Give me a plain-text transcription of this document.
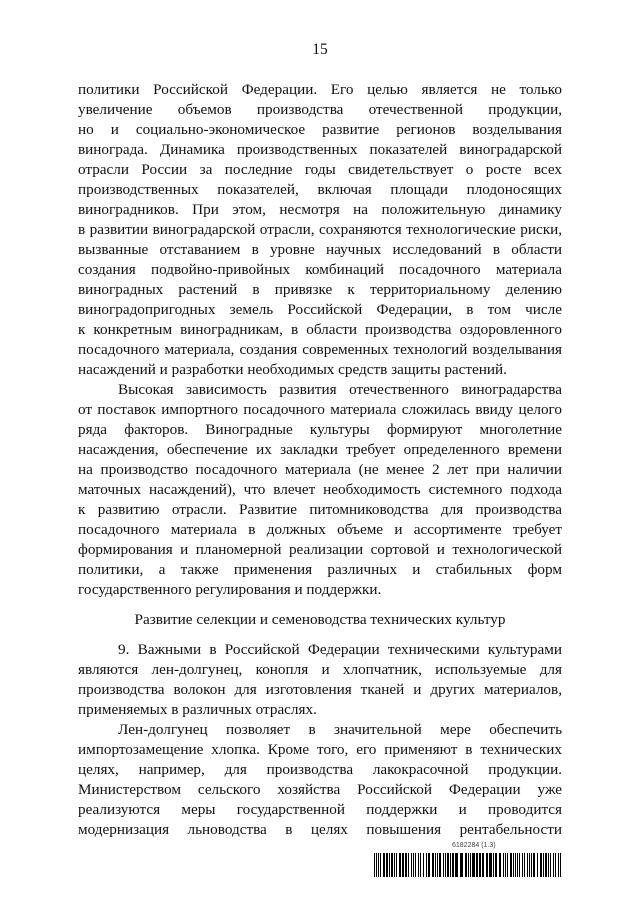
15
политики Российской Федерации. Его целью является не только
увеличение объемов производства отечественной продукции,
но и социально-экономическое развитие регионов возделывания
винограда. Динамика производственных показателей виноградарской
отрасли России за последние годы свидетельствует о росте всех
производственных показателей, включая площади плодоносящих
виноградников. При этом, несмотря на положительную динамику
в развитии виноградарской отрасли, сохраняются технологические риски,
вызванные отставанием в уровне научных исследований в области
создания подвойно-привойных комбинаций посадочного материала
виноградных растений в привязке к территориальному делению
виноградопригодных земель Российской Федерации, в том числе
к конкретным виноградникам, в области производства оздоровленного
посадочного материала, создания современных технологий возделывания
насаждений и разработки необходимых средств защиты растений.
Высокая зависимость развития отечественного виноградарства
от поставок импортного посадочного материала сложилась ввиду целого
ряда факторов. Виноградные культуры формируют многолетние
насаждения, обеспечение их закладки требует определенного времени
на производство посадочного материала (не менее 2 лет при наличии
маточных насаждений), что влечет необходимость системного подхода
к развитию отрасли. Развитие питомниководства для производства
посадочного материала в должных объеме и ассортименте требует
формирования и планомерной реализации сортовой и технологической
политики, а также применения различных и стабильных форм
государственного регулирования и поддержки.
Развитие селекции и семеноводства технических культур
9. Важными в Российской Федерации техническими культурами
являются лен-долгунец, конопля и хлопчатник, используемые для
производства волокон для изготовления тканей и других материалов,
применяемых в различных отраслях.
Лен-долгунец позволяет в значительной мере обеспечить
импортозамещение хлопка. Кроме того, его применяют в технических
целях, например, для производства лакокрасочной продукции.
Министерством сельского хозяйства Российской Федерации уже
реализуются меры государственной поддержки и проводится
модернизация льноводства в целях повышения рентабельности
6182284 (1.3)
